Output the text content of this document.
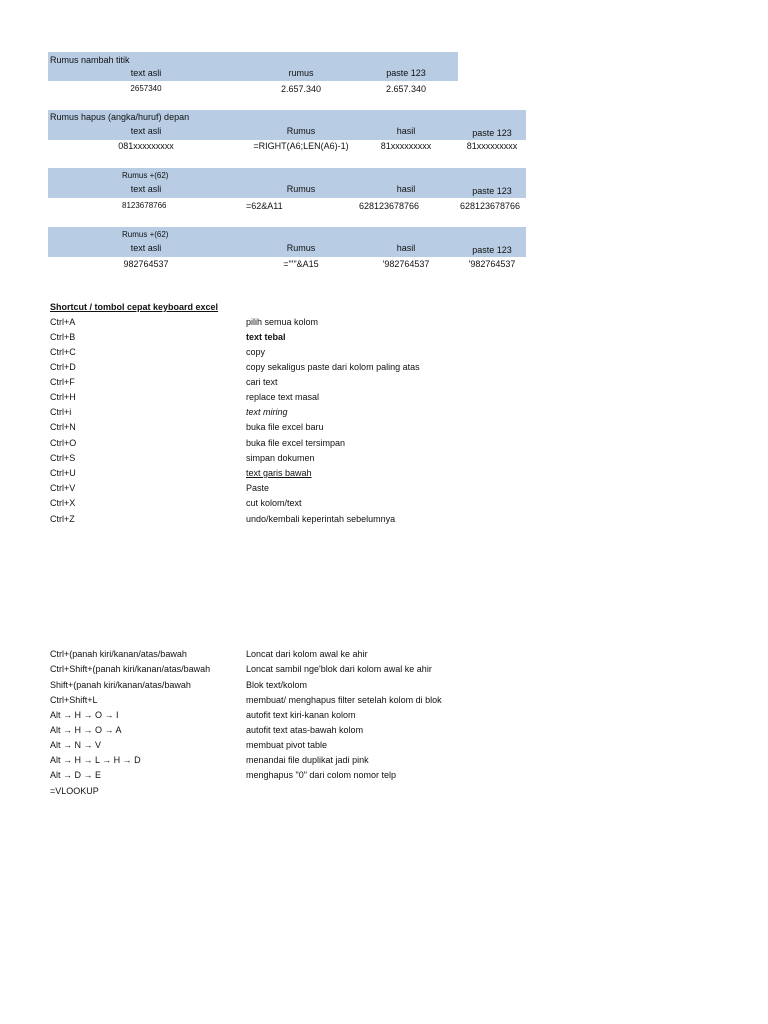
Rumus nambah titik
text asli	rumus	paste 123
2657340	2.657.340	2.657.340
Rumus hapus (angka/huruf) depan
text asli	Rumus	hasil	paste 123
081xxxxxxxxx	=RIGHT(A6;LEN(A6)-1)	81xxxxxxxxx	81xxxxxxxxx
Rumus +(62)
text asli	Rumus	hasil	paste 123
8123678766	=62&A11	628123678766	628123678766
Rumus +(62)
text asli	Rumus	hasil	paste 123
982764537	="'"&A15	'982764537	'982764537
Shortcut / tombol cepat keyboard excel
Ctrl+A	pilih semua kolom
Ctrl+B	text tebal
Ctrl+C	copy
Ctrl+D	copy sekaligus paste dari kolom paling atas
Ctrl+F	cari text
Ctrl+H	replace text masal
Ctrl+i	text miring
Ctrl+N	buka file excel baru
Ctrl+O	buka file excel tersimpan
Ctrl+S	simpan dokumen
Ctrl+U	text garis bawah
Ctrl+V	Paste
Ctrl+X	cut kolom/text
Ctrl+Z	undo/kembali keperintah sebelumnya
Ctrl+(panah kiri/kanan/atas/bawah	Loncat dari kolom awal ke ahir
Ctrl+Shift+(panah kiri/kanan/atas/bawah	Loncat sambil nge'blok dari kolom awal ke ahir
Shift+(panah kiri/kanan/atas/bawah	Blok text/kolom
Ctrl+Shift+L	membuat/ menghapus filter setelah kolom di blok
Alt → H → O → I	autofit text kiri-kanan kolom
Alt → H → O → A	autofit text atas-bawah kolom
Alt → N → V	membuat pivot table
Alt → H → L → H → D	menandai file duplikat jadi pink
Alt → D → E	menghapus "0" dari colom nomor telp
=VLOOKUP
